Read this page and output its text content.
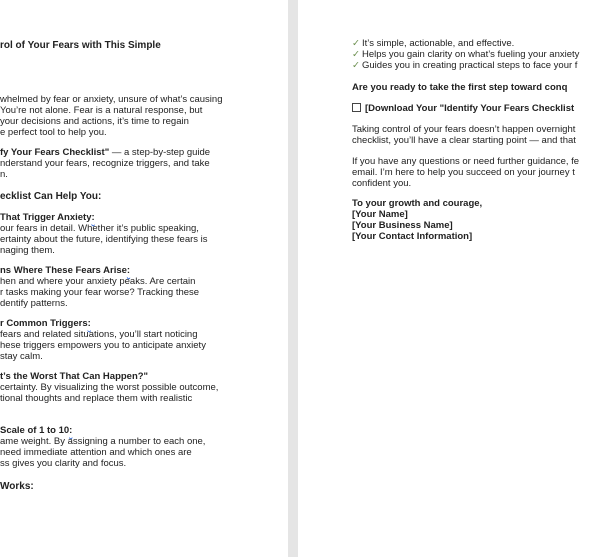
rol of Your Fears with This Simple
whelmed by fear or anxiety, unsure of what’s causing
You’re not alone. Fear is a natural response, but
your decisions and actions, it’s time to regain
e perfect tool to help you.
fy Your Fears Checklist" — a step-by-step guide
nderstand your fears, recognize triggers, and take
n.
ecklist Can Help You:
That Trigger Anxiety:
our fears in detail. Whether it’s public speaking,
ertainty about the future, identifying these fears is
naging them.
ns Where These Fears Arise:
hen and where your anxiety peaks. Are certain
r tasks making your fear worse? Tracking these
dentify patterns.
r Common Triggers:
fears and related situations, you’ll start noticing
hese triggers empowers you to anticipate anxiety
stay calm.
t’s the Worst That Can Happen?"
certainty. By visualizing the worst possible outcome,
tional thoughts and replace them with realistic
Scale of 1 to 10:
ame weight. By assigning a number to each one,
need immediate attention and which ones are
ss gives you clarity and focus.
Works:
✓ It’s simple, actionable, and effective.
✓ Helps you gain clarity on what’s fueling your anxiety
✓ Guides you in creating practical steps to face your f
Are you ready to take the first step toward conq
[Download Your "Identify Your Fears Checklist
Taking control of your fears doesn’t happen overnight
checklist, you’ll have a clear starting point — and that
If you have any questions or need further guidance, fe
email. I’m here to help you succeed on your journey t
confident you.
To your growth and courage,
[Your Name]
[Your Business Name]
[Your Contact Information]
